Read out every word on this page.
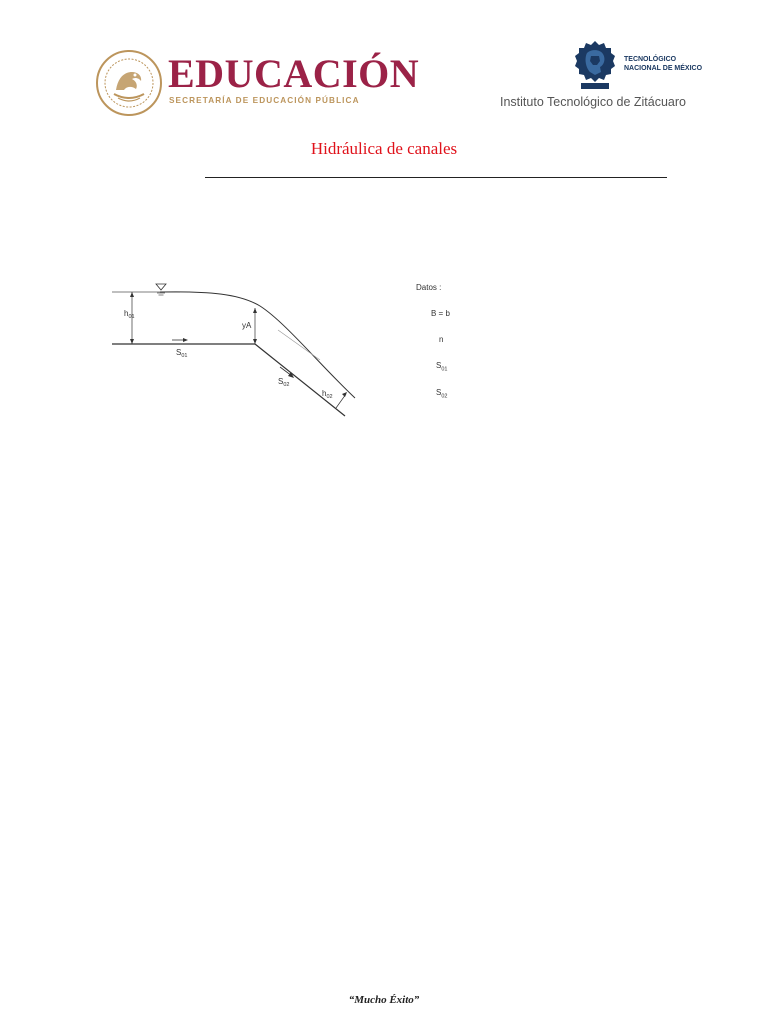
EDUCACIÓN
SECRETARÍA DE EDUCACIÓN PÚBLICA
TECNOLÓGICO
NACIONAL DE MÉXICO
Instituto Tecnológico de Zitácuaro
Hidráulica de canales
$h_{01}$
yA
$S_{01}$
$S_{02}$
$h_{02}$
Datos :
B = b
n
$S_{01}$
$S_{02}$
“Mucho Éxito”
